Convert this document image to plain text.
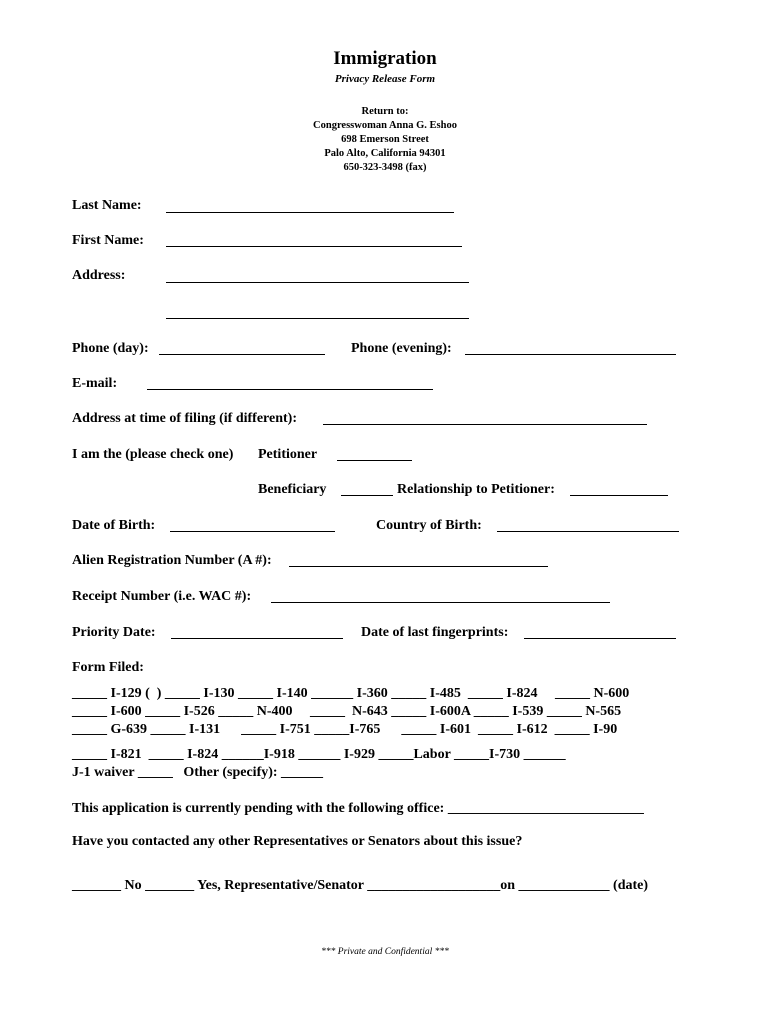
Immigration
Privacy Release Form
Return to:
Congresswoman Anna G. Eshoo
698 Emerson Street
Palo Alto, California 94301
650-323-3498 (fax)
Last Name:
First Name:
Address:
Phone (day):	Phone (evening):
E-mail:
Address at time of filing (if different):
I am the (please check one) Petitioner
Beneficiary	Relationship to Petitioner:
Date of Birth:	Country of Birth:
Alien Registration Number (A #):
Receipt Number (i.e. WAC #):
Priority Date:	Date of last fingerprints:
Form Filed:
_____ I-129 (  ) _____ I-130 _____ I-140 ______ I-360 _____ I-485  _____ I-824     _____ N-600
_____ I-600 _____ I-526 _____ N-400     _____  N-643 _____ I-600A _____ I-539 _____ N-565
_____ G-639 _____ I-131      _____ I-751 _____I-765      _____ I-601  _____ I-612  _____ I-90
_____ I-821  _____ I-824 ______I-918 ______ I-929 _____Labor _____I-730 ______
J-1 waiver _____   Other (specify): ______
This application is currently pending with the following office: ____________________________
Have you contacted any other Representatives or Senators about this issue?
_______ No _______ Yes, Representative/Senator ___________________on _____________ (date)
*** Private and Confidential ***
